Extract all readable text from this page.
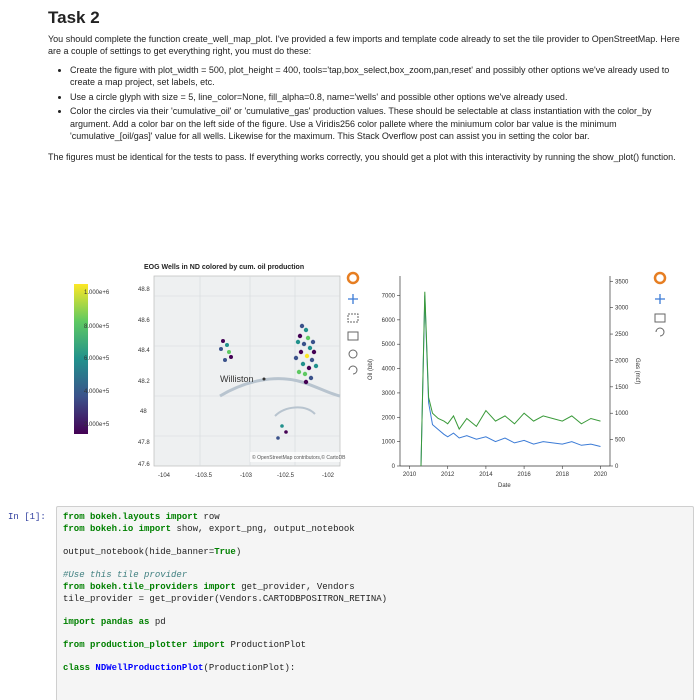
Task 2

You should complete the function create_well_map_plot. I've provided a few imports and template code already to set the tile provider to OpenStreetMap. Here are a couple of settings to get everything right, you must do these:

• Create the figure with plot_width = 500, plot_height = 400, tools='tap,box_select,box_zoom,pan,reset' and possibly other options we've already used to create a map project, set labels, etc.
• Use a circle glyph with size = 5, line_color=None, fill_alpha=0.8, name='wells' and possible other options we've already used.
• Color the circles via their 'cumulative_oil' or 'cumulative_gas' production values. These should be selectable at class instantiation with the color_by argument. Add a color bar on the left side of the figure. Use a Viridis256 color pallete where the miniumum color bar value is the minimum 'cumulative_[oil/gas]' value for all wells. Likewise for the maximum. This Stack Overflow post can assist you in setting the color bar.

The figures must be identical for the tests to pass. If everything works correctly, you should get a plot with this interactivity by running the show_plot() function.

EOG Wells in ND colored by cum. oil production
1.000e+6
8.000e+5
6.000e+5
4.000e+5
2.000e+5
Williston
© OpenStreetMap contributors,© CartoDB
48.8
48.6
48.4
48.2
48
47.8
47.6
-104	-103.5	-103	-102.5	-102
7000
6000
5000
4000
3000
2000
1000
0
3500
3000
2500
2000
1500
1000
500
0
2010	2012	2014	2016	2018	2020
Oil (bbl)	Gas (mcf)
Date
In [1]: from bokeh.layouts import row
from bokeh.io import show, export_png, output_notebook
output_notebook(hide_banner=True)
#Use this tile provider
from bokeh.tile_providers import get_provider, Vendors
tile_provider = get_provider(Vendors.CARTODBPOSITRON_RETINA)
import pandas as pd
from production_plotter import ProductionPlot
class NDWellProductionPlot(ProductionPlot):
